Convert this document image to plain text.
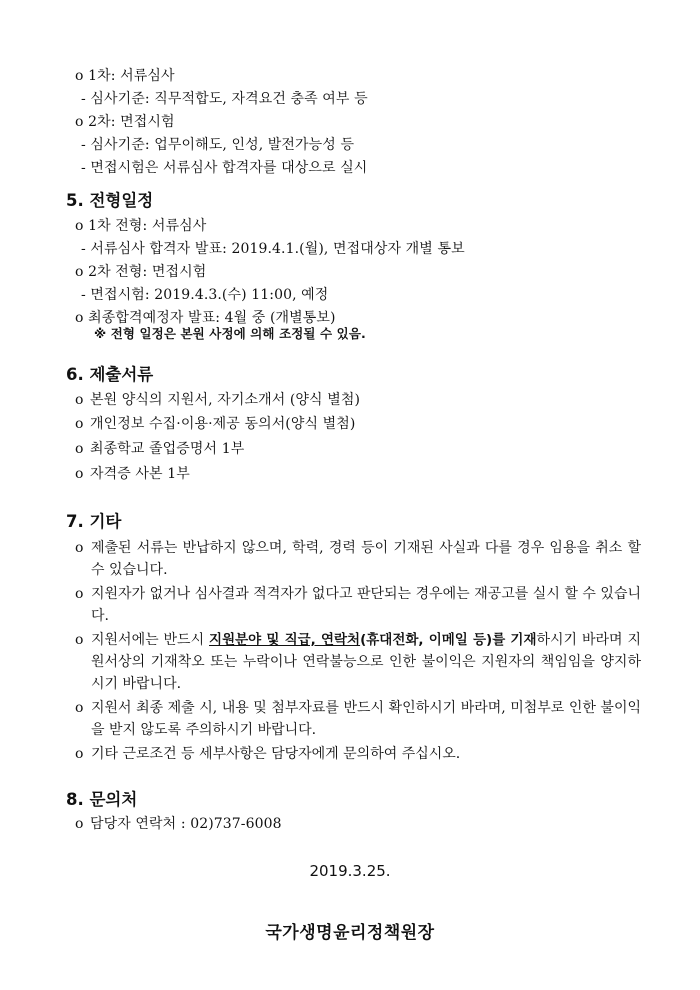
o 1차: 서류심사
- 심사기준: 직무적합도, 자격요건 충족 여부 등
o 2차: 면접시험
- 심사기준: 업무이해도, 인성, 발전가능성 등
- 면접시험은 서류심사 합격자를 대상으로 실시
5. 전형일정
o 1차 전형: 서류심사
- 서류심사 합격자 발표: 2019.4.1.(월), 면접대상자 개별 통보
o 2차 전형: 면접시험
- 면접시험: 2019.4.3.(수) 11:00, 예정
o 최종합격예정자 발표: 4월 중 (개별통보)
※ 전형 일정은 본원 사정에 의해 조정될 수 있음.
6. 제출서류
o 본원 양식의 지원서, 자기소개서 (양식 별첨)
o 개인정보 수집·이용·제공 동의서(양식 별첨)
o 최종학교 졸업증명서 1부
o 자격증 사본 1부
7. 기타
o 제출된 서류는 반납하지 않으며, 학력, 경력 등이 기재된 사실과 다를 경우 임용을 취소 할 수 있습니다.
o 지원자가 없거나 심사결과 적격자가 없다고 판단되는 경우에는 재공고를 실시 할 수 있습니다.
o 지원서에는 반드시 지원분야 및 직급, 연락처(휴대전화, 이메일 등)를 기재하시기 바라며 지원서상의 기재착오 또는 누락이나 연락불능으로 인한 불이익은 지원자의 책임임을 양지하시기 바랍니다.
o 지원서 최종 제출 시, 내용 및 첨부자료를 반드시 확인하시기 바라며, 미첨부로 인한 불이익을 받지 않도록 주의하시기 바랍니다.
o 기타 근로조건 등 세부사항은 담당자에게 문의하여 주십시오.
8. 문의처
o 담당자 연락처 : 02)737-6008
2019.3.25.
국가생명윤리정책원장
